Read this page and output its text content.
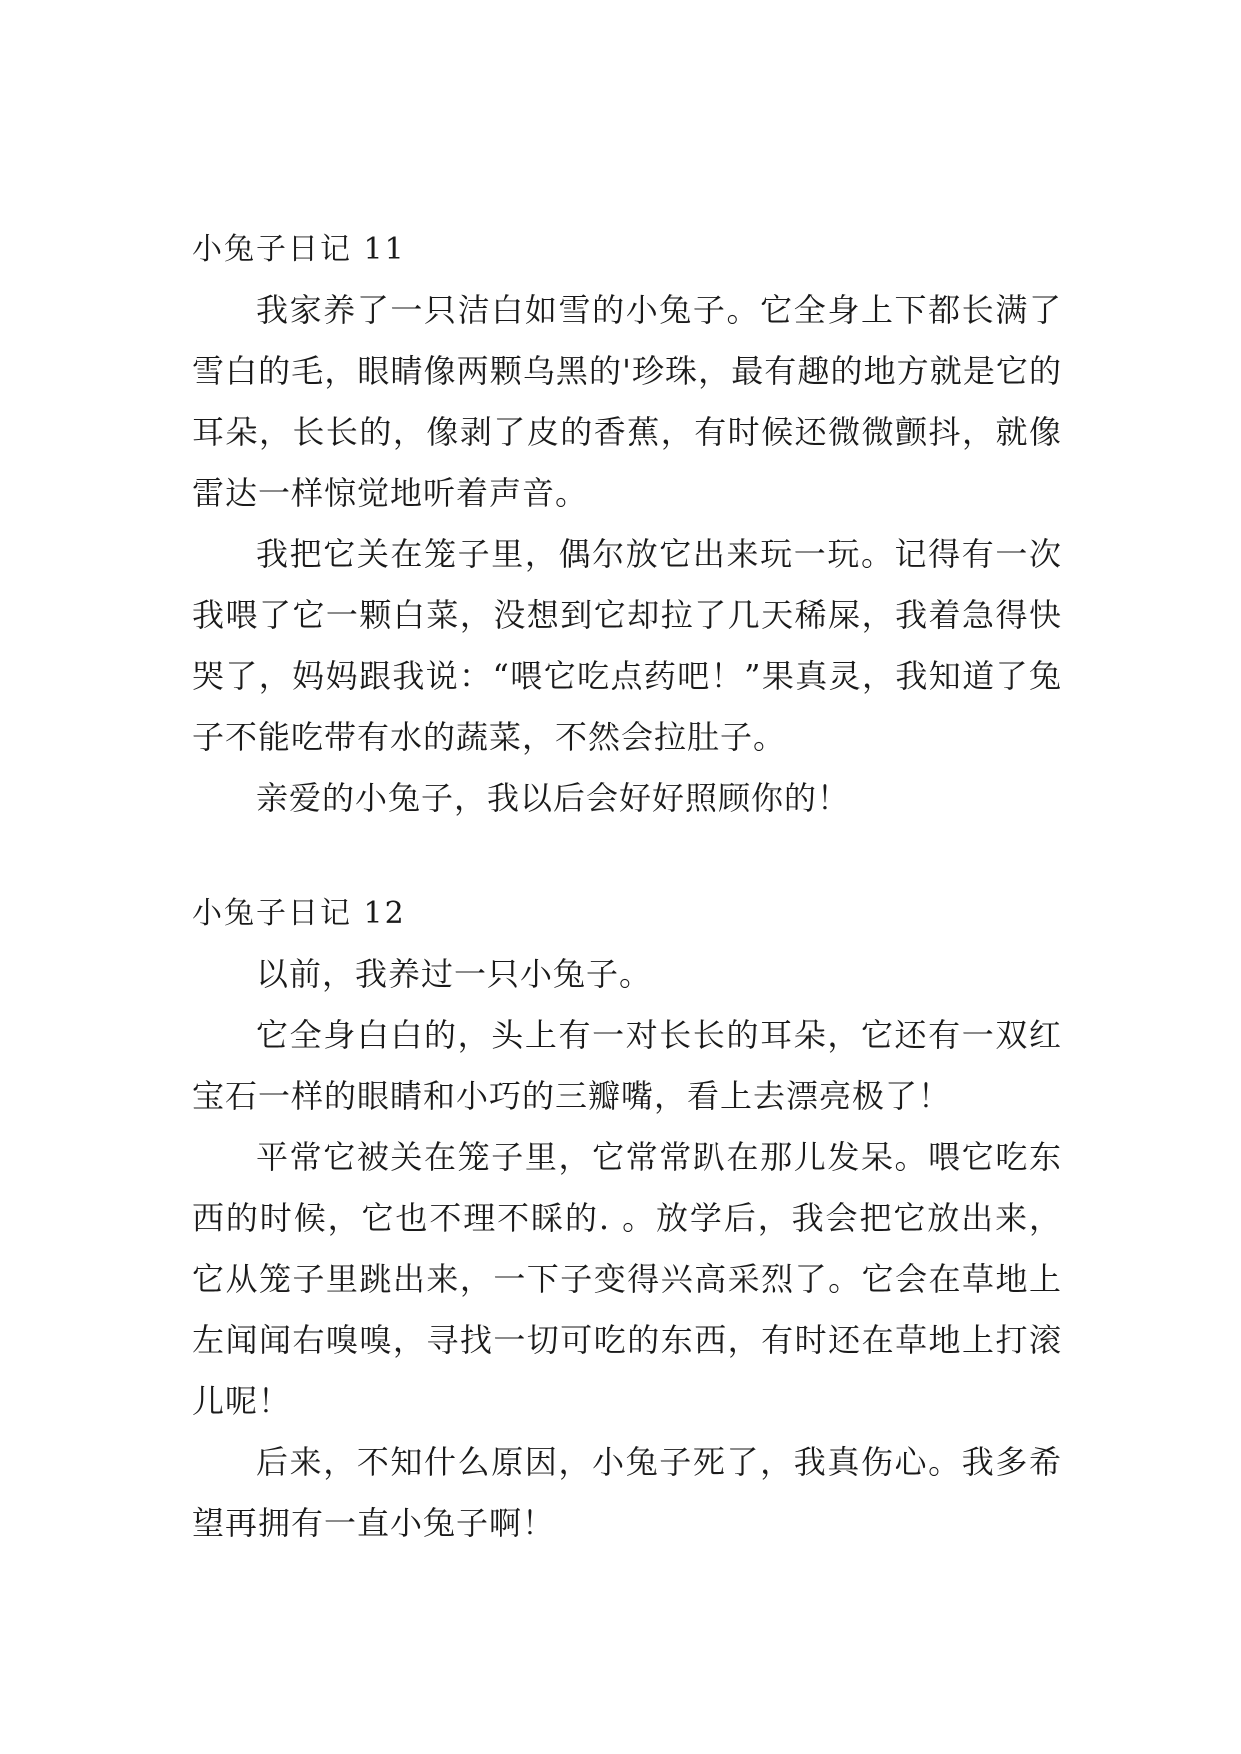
小兔子日记 11

我家养了一只洁白如雪的小兔子。它全身上下都长满了雪白的毛，眼睛像两颗乌黑的'珍珠，最有趣的地方就是它的耳朵，长长的，像剥了皮的香蕉，有时候还微微颤抖，就像雷达一样惊觉地听着声音。

我把它关在笼子里，偶尔放它出来玩一玩。记得有一次我喂了它一颗白菜，没想到它却拉了几天稀屎，我着急得快哭了，妈妈跟我说：“喂它吃点药吧！”果真灵，我知道了兔子不能吃带有水的蔬菜，不然会拉肚子。

亲爱的小兔子，我以后会好好照顾你的！

小兔子日记 12

以前，我养过一只小兔子。

它全身白白的，头上有一对长长的耳朵，它还有一双红宝石一样的眼睛和小巧的三瓣嘴，看上去漂亮极了！

平常它被关在笼子里，它常常趴在那儿发呆。喂它吃东西的时候，它也不理不睬的. 。放学后，我会把它放出来，它从笼子里跳出来，一下子变得兴高采烈了。它会在草地上左闻闻右嗅嗅，寻找一切可吃的东西，有时还在草地上打滚儿呢！

后来，不知什么原因，小兔子死了，我真伤心。我多希望再拥有一直小兔子啊！
